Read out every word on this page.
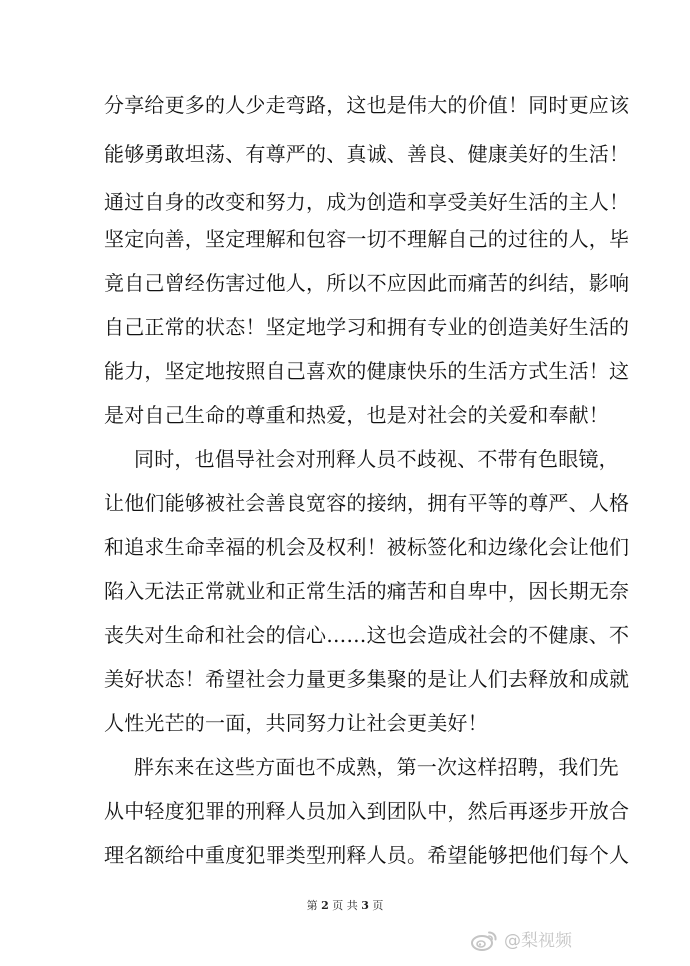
分享给更多的人少走弯路，这也是伟大的价值！同时更应该
能够勇敢坦荡、有尊严的、真诚、善良、健康美好的生活！
通过自身的改变和努力，成为创造和享受美好生活的主人！
坚定向善，坚定理解和包容一切不理解自己的过往的人，毕
竟自己曾经伤害过他人，所以不应因此而痛苦的纠结，影响
自己正常的状态！坚定地学习和拥有专业的创造美好生活的
能力，坚定地按照自己喜欢的健康快乐的生活方式生活！这
是对自己生命的尊重和热爱，也是对社会的关爱和奉献！
同时，也倡导社会对刑释人员不歧视、不带有色眼镜，
让他们能够被社会善良宽容的接纳，拥有平等的尊严、人格
和追求生命幸福的机会及权利！被标签化和边缘化会让他们
陷入无法正常就业和正常生活的痛苦和自卑中，因长期无奈
丧失对生命和社会的信心……这也会造成社会的不健康、不
美好状态！希望社会力量更多集聚的是让人们去释放和成就
人性光芒的一面，共同努力让社会更美好！
胖东来在这些方面也不成熟，第一次这样招聘，我们先
从中轻度犯罪的刑释人员加入到团队中，然后再逐步开放合
理名额给中重度犯罪类型刑释人员。希望能够把他们每个人
第 2 页 共 3 页
@梨视频
